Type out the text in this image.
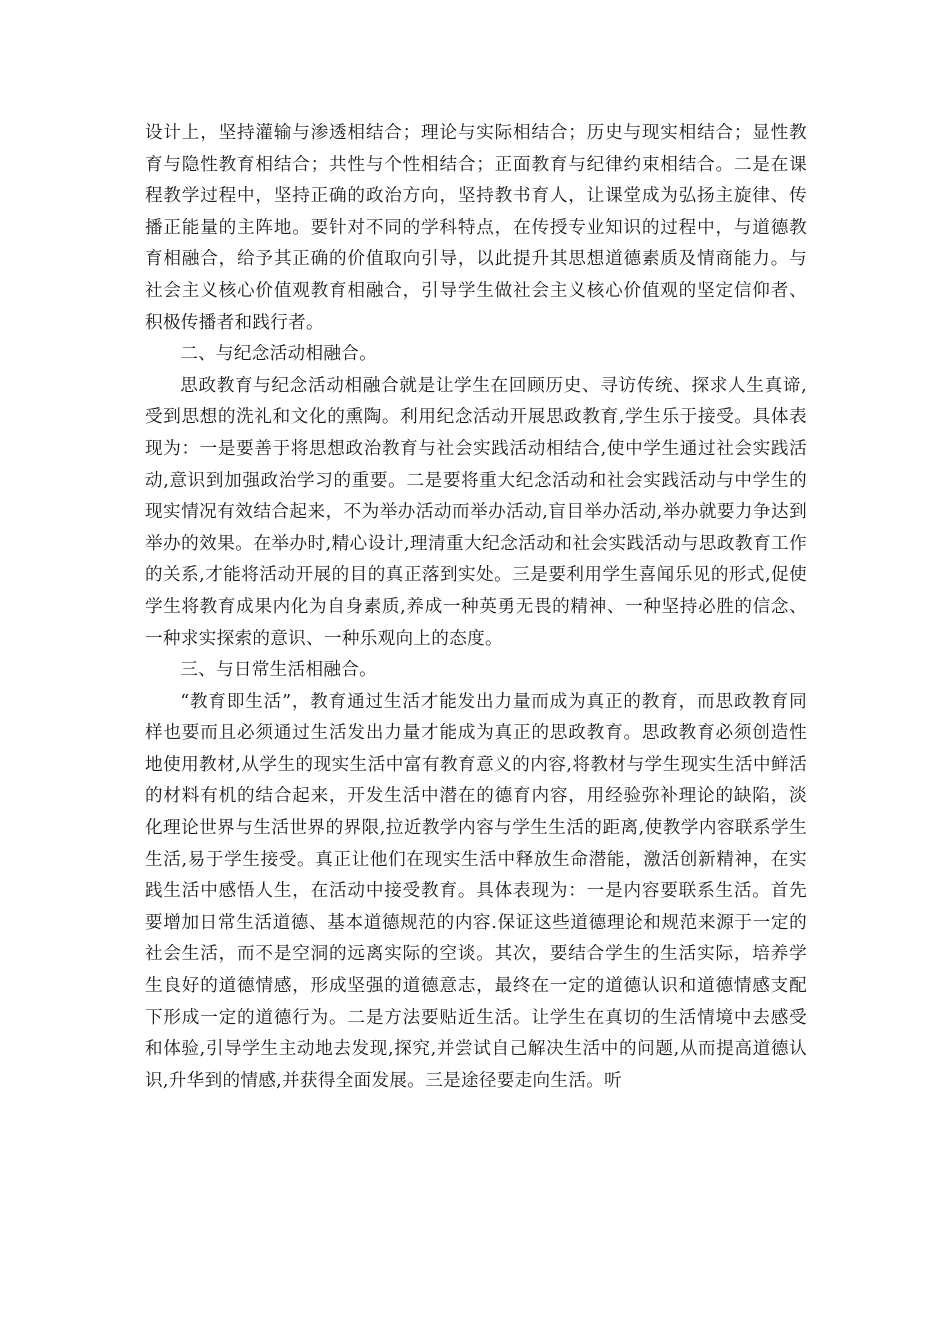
设计上，坚持灌输与渗透相结合；理论与实际相结合；历史与现实相结合；显性教育与隐性教育相结合；共性与个性相结合；正面教育与纪律约束相结合。二是在课程教学过程中，坚持正确的政治方向，坚持教书育人，让课堂成为弘扬主旋律、传播正能量的主阵地。要针对不同的学科特点，在传授专业知识的过程中，与道德教育相融合，给予其正确的价值取向引导，以此提升其思想道德素质及情商能力。与社会主义核心价值观教育相融合，引导学生做社会主义核心价值观的坚定信仰者、积极传播者和践行者。

二、与纪念活动相融合。

思政教育与纪念活动相融合就是让学生在回顾历史、寻访传统、探求人生真谛,受到思想的洗礼和文化的熏陶。利用纪念活动开展思政教育,学生乐于接受。具体表现为：一是要善于将思想政治教育与社会实践活动相结合,使中学生通过社会实践活动,意识到加强政治学习的重要。二是要将重大纪念活动和社会实践活动与中学生的现实情况有效结合起来，不为举办活动而举办活动,盲目举办活动,举办就要力争达到举办的效果。在举办时,精心设计,理清重大纪念活动和社会实践活动与思政教育工作的关系,才能将活动开展的目的真正落到实处。三是要利用学生喜闻乐见的形式,促使学生将教育成果内化为自身素质,养成一种英勇无畏的精神、一种坚持必胜的信念、一种求实探索的意识、一种乐观向上的态度。

三、与日常生活相融合。

“教育即生活”，教育通过生活才能发出力量而成为真正的教育，而思政教育同样也要而且必须通过生活发出力量才能成为真正的思政教育。思政教育必须创造性地使用教材,从学生的现实生活中富有教育意义的内容,将教材与学生现实生活中鲜活的材料有机的结合起来，开发生活中潜在的德育内容，用经验弥补理论的缺陷，淡化理论世界与生活世界的界限,拉近教学内容与学生生活的距离,使教学内容联系学生生活,易于学生接受。真正让他们在现实生活中释放生命潜能，激活创新精神，在实践生活中感悟人生，在活动中接受教育。具体表现为：一是内容要联系生活。首先要增加日常生活道德、基本道德规范的内容.保证这些道德理论和规范来源于一定的社会生活，而不是空洞的远离实际的空谈。其次，要结合学生的生活实际，培养学生良好的道德情感，形成坚强的道德意志，最终在一定的道德认识和道德情感支配下形成一定的道德行为。二是方法要贴近生活。让学生在真切的生活情境中去感受和体验,引导学生主动地去发现,探究,并尝试自己解决生活中的问题,从而提高道德认识,升华到的情感,并获得全面发展。三是途径要走向生活。听
